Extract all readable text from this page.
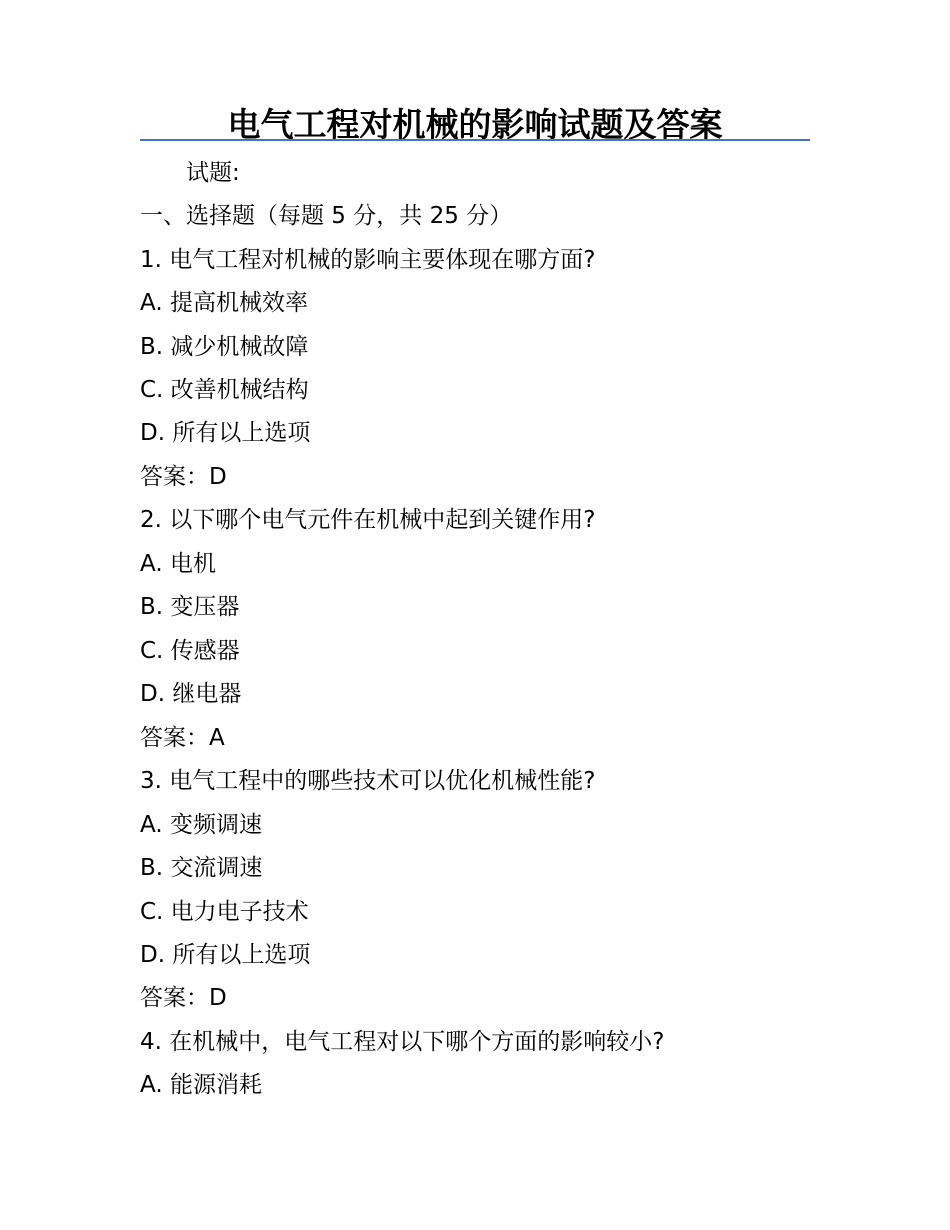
电气工程对机械的影响试题及答案
试题:
一、选择题（每题 5 分，共 25 分）
1. 电气工程对机械的影响主要体现在哪方面?
A. 提高机械效率
B. 减少机械故障
C. 改善机械结构
D. 所有以上选项
答案：D
2. 以下哪个电气元件在机械中起到关键作用?
A. 电机
B. 变压器
C. 传感器
D. 继电器
答案：A
3. 电气工程中的哪些技术可以优化机械性能?
A. 变频调速
B. 交流调速
C. 电力电子技术
D. 所有以上选项
答案：D
4. 在机械中，电气工程对以下哪个方面的影响较小?
A. 能源消耗
